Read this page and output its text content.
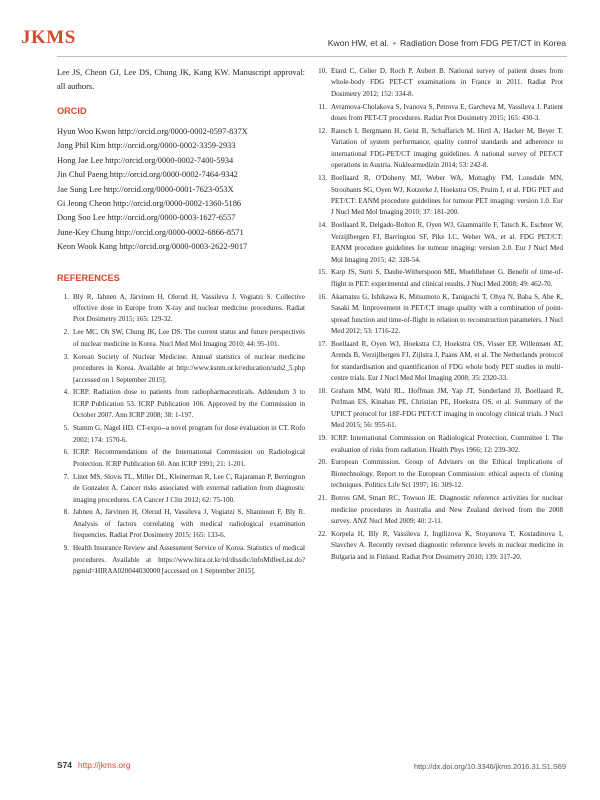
JKMS	Kwon HW, et al. • Radiation Dose from FDG PET/CT in Korea

Lee JS, Cheon GJ, Lee DS, Chung JK, Kang KW. Manuscript approval: all authors.

ORCID
Hyun Woo Kwon http://orcid.org/0000-0002-0597-837X
Jong Phil Kim http://orcid.org/0000-0002-3359-2933
Hong Jae Lee http://orcid.org/0000-0002-7400-5934
Jin Chul Paeng http://orcid.org/0000-0002-7464-9342
Jae Sung Lee http://orcid.org/0000-0001-7623-053X
Gi Jeong Cheon http://orcid.org/0000-0002-1360-5186
Dong Soo Lee http://orcid.org/0000-0003-1627-6557
June-Key Chung http://orcid.org/0000-0002-6866-8571
Keon Wook Kang http://orcid.org/0000-0003-2622-9017
REFERENCES
1. Bly R, Jahnen A, Järvinen H, Olerud H, Vassileva J, Vogiatzi S. Collective effective dose in Europe from X-ray and nuclear medicine procedures. Radiat Prot Dosimetry 2015; 165: 129-32.
2. Lee MC, Oh SW, Chung JK, Lee DS. The current status and future perspectives of nuclear medicine in Korea. Nucl Med Mol Imaging 2010; 44: 95-101.
3. Korean Society of Nuclear Medicine. Annual statistics of nuclear medicine procedures in Korea. Available at http://www.ksnm.or.kr/education/sub2_5.php [accessed on 1 September 2015].
4. ICRP. Radiation dose to patients from radiopharmaceuticals. Addendum 3 to ICRP Publication 53. ICRP Publication 106. Approved by the Commission in October 2007. Ann ICRP 2008; 38: 1-197.
5. Stamm G, Nagel HD. CT-expo--a novel program for dose evaluation in CT. Rofo 2002; 174: 1570-6.
6. ICRP. Recommendations of the International Commission on Radiological Protection. ICRP Publication 60. Ann ICRP 1991; 21: 1-201.
7. Linet MS, Slovis TL, Miller DL, Kleinerman R, Lee C, Rajaraman P, Berrington de Gonzalez A. Cancer risks associated with external radiation from diagnostic imaging procedures. CA Cancer J Clin 2012; 62: 75-100.
8. Jahnen A, Järvinen H, Olerud H, Vassileva J, Vogiatzi S, Shannoun F, Bly R. Analysis of factors correlating with medical radiological examination frequencies. Radiat Prot Dosimetry 2015; 165: 133-6.
9. Health Insurance Review and Assessment Service of Korea. Statistics of medical procedures. Available at https://www.hira.or.kr/rd/dissdic/infoMdfeeList.do?pgmid=HIRAA020044030000 [accessed on 1 September 2015].
10. Etard C, Celier D, Roch P, Aubert B. National survey of patient doses from whole-body FDG PET-CT examinations in France in 2011. Radiat Prot Dosimetry 2012; 152: 334-8.
11. Avramova-Cholakova S, Ivanova S, Petrova E, Garcheva M, Vassileva J. Patient doses from PET-CT procedures. Radiat Prot Dosimetry 2015; 165: 430-3.
12. Rausch I, Bergmann H, Geist B, Schaffarich M, Hirtl A, Hacker M, Beyer T. Variation of system performance, quality control standards and adherence to international FDG-PET/CT imaging guidelines. A national survey of PET/CT operations in Austria. Nuklearmedizin 2014; 53: 242-8.
13. Boellaard R, O'Doherty MJ, Weber WA, Mottaghy FM, Lonsdale MN, Stroobants SG, Oyen WJ, Kotzerke J, Hoekstra OS, Pruim J, et al. FDG PET and PET/CT: EANM procedure guidelines for tumour PET imaging: version 1.0. Eur J Nucl Med Mol Imaging 2010; 37: 181-200.
14. Boellaard R, Delgado-Bolton R, Oyen WJ, Giammarile F, Tatsch K, Eschner W, Verzijlbergen FJ, Barrington SF, Pike LC, Weber WA, et al. FDG PET/CT: EANM procedure guidelines for tumour imaging: version 2.0. Eur J Nucl Med Mol Imaging 2015; 42: 328-54.
15. Karp JS, Surti S, Daube-Witherspoon ME, Muehllehner G. Benefit of time-of-flight in PET: experimental and clinical results. J Nucl Med 2008; 49: 462-70.
16. Akamatsu G, Ishikawa K, Mitsumoto K, Taniguchi T, Ohya N, Baba S, Abe K, Sasaki M. Improvement in PET/CT image quality with a combination of point-spread function and time-of-flight in relation to reconstruction parameters. J Nucl Med 2012; 53: 1716-22.
17. Boellaard R, Oyen WJ, Hoekstra CJ, Hoekstra OS, Visser EP, Willemsen AT, Arends B, Verzijlbergen FJ, Zijlstra J, Paans AM, et al. The Netherlands protocol for standardisation and quantification of FDG whole body PET studies in multi-centre trials. Eur J Nucl Med Mol Imaging 2008; 35: 2320-33.
18. Graham MM, Wahl RL, Hoffman JM, Yap JT, Sunderland JJ, Boellaard R, Perlman ES, Kinahan PE, Christian PE, Hoekstra OS, et al. Summary of the UPICT protocol for 18F-FDG PET/CT imaging in oncology clinical trials. J Nucl Med 2015; 56: 955-61.
19. ICRP. International Commission on Radiological Protection, Committee I. The evaluation of risks from radiation. Health Phys 1966; 12: 239-302.
20. European Commission. Group of Advisers on the Ethical Implications of Biotechnology. Report to the European Commission: ethical aspects of cloning techniques. Politics Life Sci 1997; 16: 309-12.
21. Botros GM, Smart RC, Towson JE. Diagnostic reference activities for nuclear medicine procedures in Australia and New Zealand derived from the 2008 survey. ANZ Nucl Med 2009; 40: 2-11.
22. Korpela H, Bly R, Vassileva J, Ingilizova K, Stoyanova T, Kostadinova I, Slavchev A. Recently revised diagnostic reference levels in nuclear medicine in Bulgaria and in Finland. Radiat Prot Dosimetry 2010; 139: 317-20.
S74 http://jkms.org	http://dx.doi.org/10.3346/jkms.2016.31.S1.S69
